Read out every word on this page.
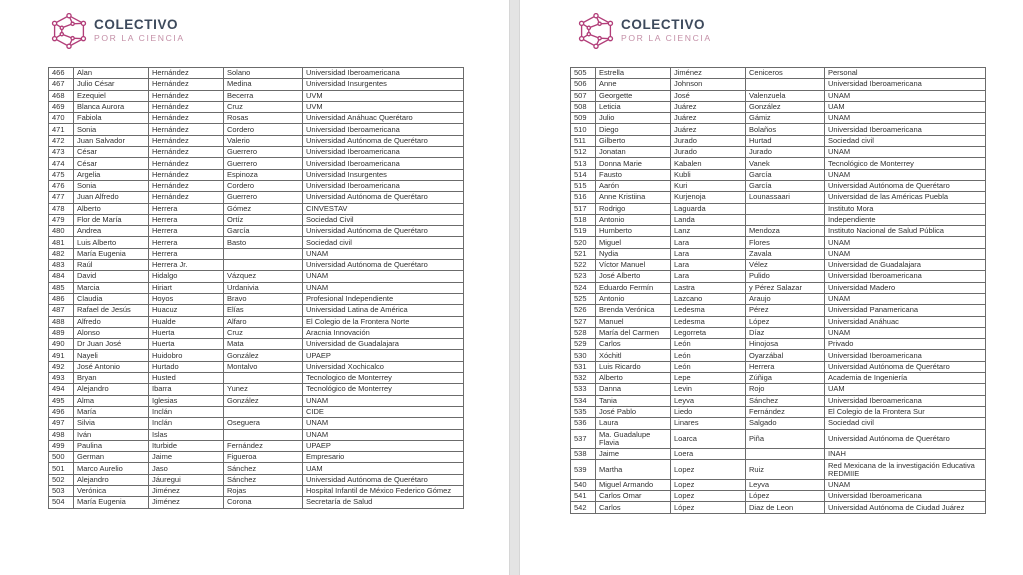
COLECTIVO
POR LA CIENCIA
466	Alan	Hernández	Solano	Universidad Iberoamericana
467	Julio César	Hernández	Medina	Universidad Insurgentes
468	Ezequiel	Hernández	Becerra	UVM
469	Blanca Aurora	Hernández	Cruz	UVM
470	Fabiola	Hernández	Rosas	Universidad Anáhuac Querétaro
471	Sonia	Hernández	Cordero	Universidad Iberoamericana
472	Juan Salvador	Hernández	Valerio	Universidad Autónoma de Querétaro
473	César	Hernández	Guerrero	Universidad Iberoamericana
474	César	Hernández	Guerrero	Universidad Iberoamericana
475	Argelia	Hernández	Espinoza	Universidad Insurgentes
476	Sonia	Hernández	Cordero	Universidad Iberoamericana
477	Juan Alfredo	Hernández	Guerrero	Universidad Autónoma de Querétaro
478	Alberto	Herrera	Gómez	CINVESTAV
479	Flor de María	Herrera	Ortíz	Sociedad Civil
480	Andrea	Herrera	García	Universidad Autónoma de Querétaro
481	Luis Alberto	Herrera	Basto	Sociedad civil
482	María Eugenia	Herrera		UNAM
483	Raúl	Herrera Jr.		Universidad Autónoma de Querétaro
484	David	Hidalgo	Vázquez	UNAM
485	Marcia	Hiriart	Urdanivia	UNAM
486	Claudia	Hoyos	Bravo	Profesional Independiente
487	Rafael de Jesús	Huacuz	Elías	Universidad Latina de América
488	Alfredo	Hualde	Alfaro	El Colegio de la Frontera Norte
489	Alonso	Huerta	Cruz	Aracnia Innovación
490	Dr Juan José	Huerta	Mata	Universidad de Guadalajara
491	Nayeli	Huidobro	González	UPAEP
492	José Antonio	Hurtado	Montalvo	Universidad Xochicalco
493	Bryan	Husted		Tecnologico de Monterrey
494	Alejandro	Ibarra	Yunez	Tecnológico de Monterrey
495	Alma	Iglesias	González	UNAM
496	María	Inclán		CIDE
497	Silvia	Inclán	Oseguera	UNAM
498	Iván	Islas		UNAM
499	Paulina	Iturbide	Fernández	UPAEP
500	German	Jaime	Figueroa	Empresario
501	Marco Aurelio	Jaso	Sánchez	UAM
502	Alejandro	Jáuregui	Sánchez	Universidad Autónoma de Querétaro
503	Verónica	Jiménez	Rojas	Hospital Infantil de México Federico Gómez
504	María Eugenia	Jiménez	Corona	Secretaría de Salud
COLECTIVO
POR LA CIENCIA
505	Estrella	Jiménez	Ceniceros	Personal
506	Anne	Johnson		Universidad Iberoamericana
507	Georgette	José	Valenzuela	UNAM
508	Leticia	Juárez	González	UAM
509	Julio	Juárez	Gámiz	UNAM
510	Diego	Juárez	Bolaños	Universidad Iberoamericana
511	Gilberto	Jurado	Hurtad	Sociedad civil
512	Jonatan	Jurado	Jurado	UNAM
513	Donna Marie	Kabalen	Vanek	Tecnológico de Monterrey
514	Fausto	Kubli	García	UNAM
515	Aarón	Kuri	García	Universidad Autónoma de Querétaro
516	Anne Kristiina	Kurjenoja	Lounassaari	Universidad de las Américas Puebla
517	Rodrigo	Laguarda		Instituto Mora
518	Antonio	Landa		Independiente
519	Humberto	Lanz	Mendoza	Instituto Nacional de Salud Pública
520	Miguel	Lara	Flores	UNAM
521	Nydia	Lara	Zavala	UNAM
522	Víctor Manuel	Lara	Vélez	Universidad de Guadalajara
523	José Alberto	Lara	Pulido	Universidad Iberoamericana
524	Eduardo Fermín	Lastra	y Pérez Salazar	Universidad Madero
525	Antonio	Lazcano	Araujo	UNAM
526	Brenda Verónica	Ledesma	Pérez	Universidad Panamericana
527	Manuel	Ledesma	López	Universidad Anáhuac
528	María del Carmen	Legorreta	Díaz	UNAM
529	Carlos	León	Hinojosa	Privado
530	Xóchitl	León	Oyarzábal	Universidad Iberoamericana
531	Luis Ricardo	León	Herrera	Universidad Autónoma de Querétaro
532	Alberto	Lepe	Zúñiga	Academia de Ingeniería
533	Danna	Levin	Rojo	UAM
534	Tania	Leyva	Sánchez	Universidad Iberoamericana
535	José Pablo	Liedo	Fernández	El Colegio de la Frontera Sur
536	Laura	Linares	Salgado	Sociedad civil
537	Ma. Guadalupe Flavia	Loarca	Piña	Universidad Autónoma de Querétaro
538	Jaime	Loera		INAH
539	Martha	Lopez	Ruiz	Red Mexicana de la investigación Educativa REDMIIE
540	Miguel Armando	Lopez	Leyva	UNAM
541	Carlos Omar	Lopez	López	Universidad Iberoamericana
542	Carlos	López	Diaz de Leon	Universidad Autónoma de Ciudad Juárez
